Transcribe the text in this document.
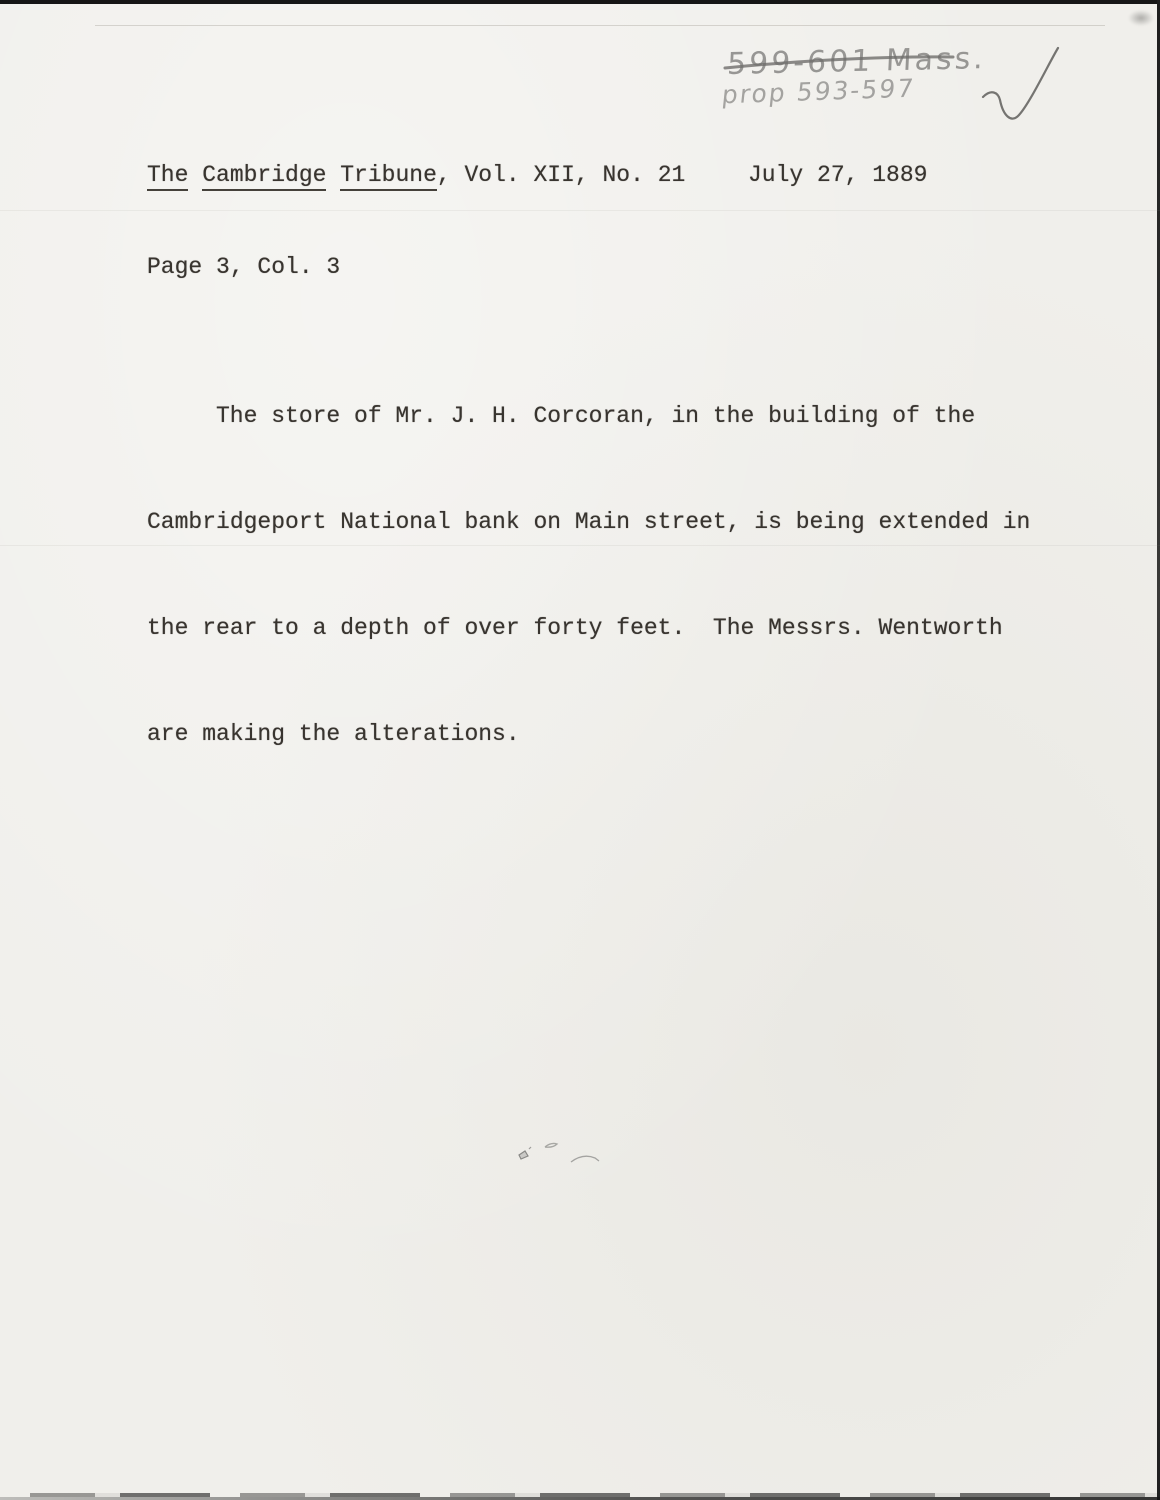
599-601 Mass.
prop 593-597
The Cambridge Tribune, Vol. XII, No. 21	July 27, 1889
Page 3, Col. 3

The store of Mr. J. H. Corcoran, in the building of the

Cambridgeport National bank on Main street, is being extended in

the rear to a depth of over forty feet.  The Messrs. Wentworth

are making the alterations.
